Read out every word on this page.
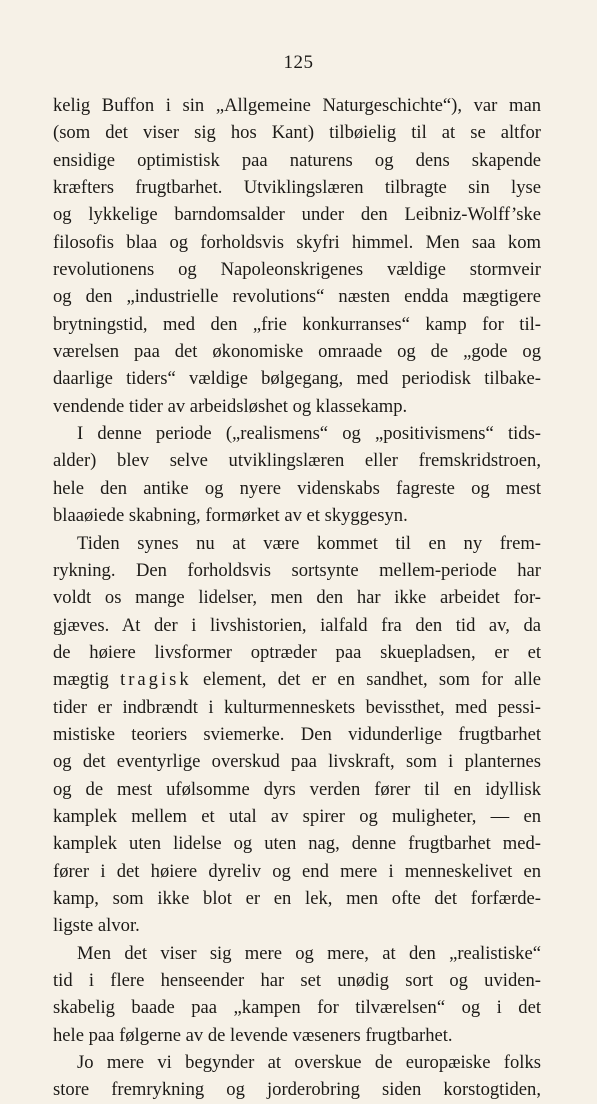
125
kelig Buffon i sin „Allgemeine Naturgeschichte“), var man
(som det viser sig hos Kant) tilbøielig til at se altfor
ensidige optimistisk paa naturens og dens skapende
kræfters frugtbarhet. Utviklingslæren tilbragte sin lyse
og lykkelige barndomsalder under den Leibniz-Wolff’ske
filosofis blaa og forholdsvis skyfri himmel. Men saa kom
revolutionens og Napoleonskrigenes vældige stormveir
og den „industrielle revolutions“ næsten endda mægtigere
brytningstid, med den „frie konkurranses“ kamp for til-
værelsen paa det økonomiske omraade og de „gode og
daarlige tiders“ vældige bølgegang, med periodisk tilbake-
vendende tider av arbeidsløshet og klassekamp.
I denne periode („realismens“ og „positivismens“ tids-
alder) blev selve utviklingslæren eller fremskridstroen,
hele den antike og nyere videnskabs fagreste og mest
blaaøiede skabning, formørket av et skyggesyn.
Tiden synes nu at være kommet til en ny frem-
rykning. Den forholdsvis sortsynte mellem-periode har
voldt os mange lidelser, men den har ikke arbeidet for-
gjæves. At der i livshistorien, ialfald fra den tid av, da
de høiere livsformer optræder paa skuepladsen, er et
mægtig tragisk element, det er en sandhet, som for alle
tider er indbrændt i kulturmenneskets bevissthet, med pessi-
mistiske teoriers sviemerke. Den vidunderlige frugtbarhet
og det eventyrlige overskud paa livskraft, som i planternes
og de mest ufølsomme dyrs verden fører til en idyllisk
kamplek mellem et utal av spirer og muligheter, — en
kamplek uten lidelse og uten nag, denne frugtbarhet med-
fører i det høiere dyreliv og end mere i menneskelivet en
kamp, som ikke blot er en lek, men ofte det forfærde-
ligste alvor.
Men det viser sig mere og mere, at den „realistiske“
tid i flere henseender har set unødig sort og uviden-
skabelig baade paa „kampen for tilværelsen“ og i det
hele paa følgerne av de levende væseners frugtbarhet.
Jo mere vi begynder at overskue de europæiske folks
store fremrykning og jorderobring siden korstogtiden,
